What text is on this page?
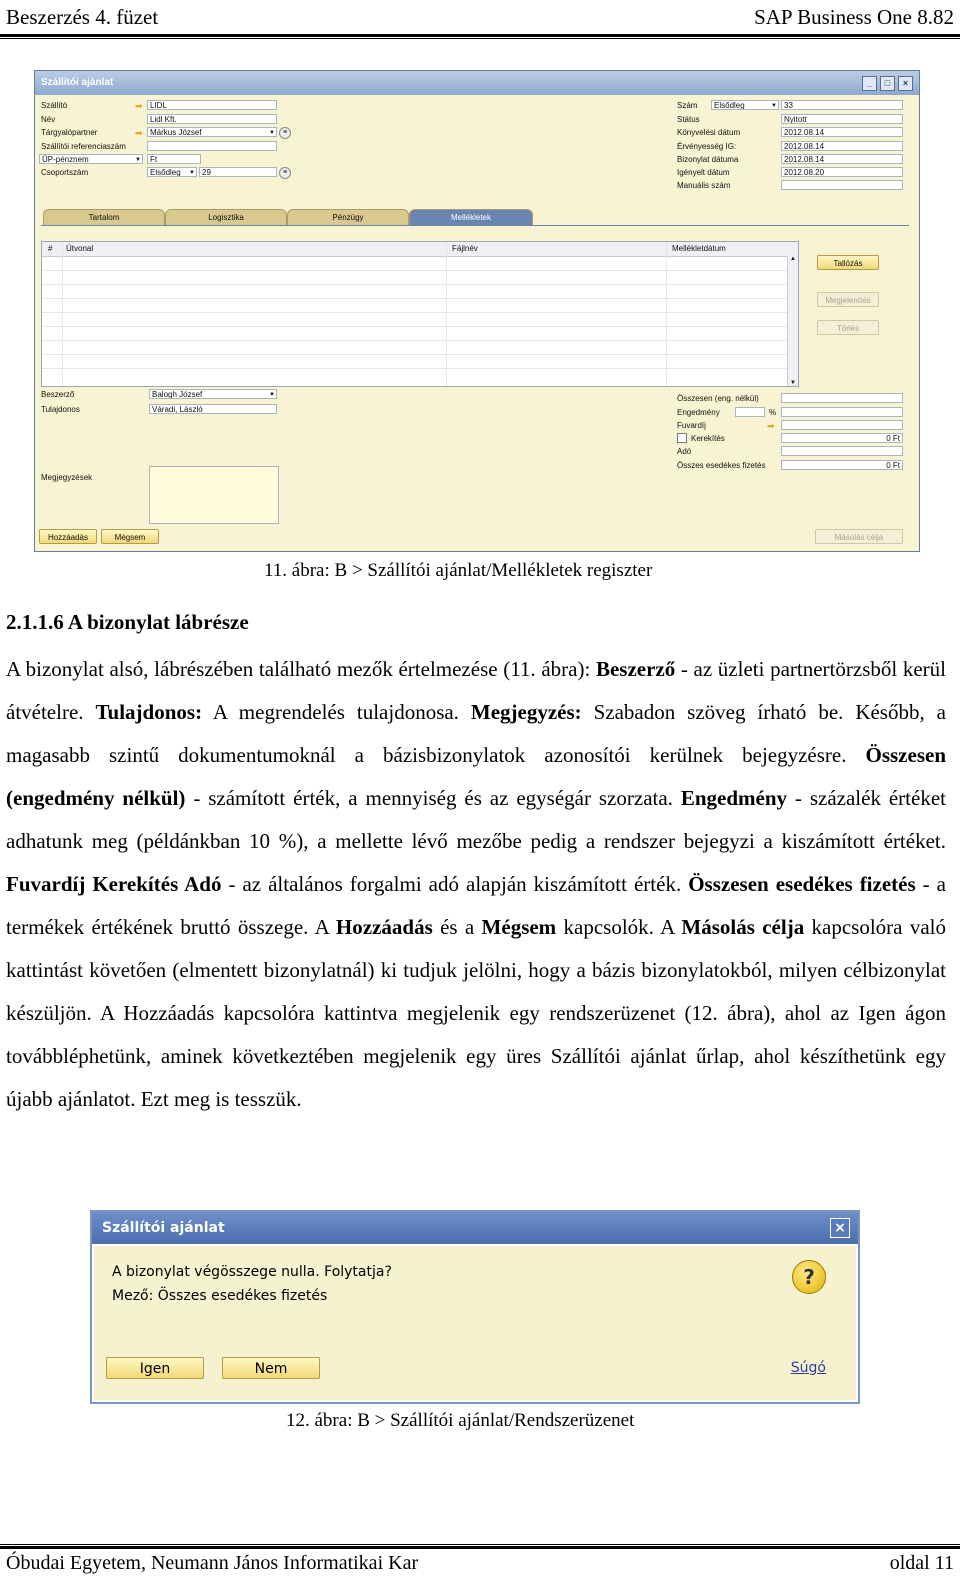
Beszerzés 4. füzet	SAP Business One 8.82
Szállítói ajánlat	_	□	×
Szállító	➡ LIDL
Név	Lidl Kft.
Tárgyalópartner	➡ Márkus József	▼	≡
Szállítói referenciaszám
ÜP-pénznem	▼	Ft
Csoportszám	Elsődleg ▼ 29	≡
Szám	Elsődleg	▼ 33
Státus	Nyitott
Könyvelési dátum	2012.08.14
Érvényesség IG:	2012.08.14
Bizonylat dátuma	2012.08.14
Igényelt dátum	2012.08.20
Manuális szám
Tartalom	Logisztika	Pénzügy	Mellékletek
# Útvonal	Fájlnév	Mellékletdátum
▲
▼
Tallózás
Megjelenítés
Törlés
Beszerző	Balogh József	▼
Tulajdonos	Váradi, László
Megjegyzések
Összesen (eng. nélkül)
Engedmény	%
Fuvardíj	➡
Kerekítés	0 Ft
Adó
Összes esedékes fizetés	0 Ft
Hozzáadás	Mégsem	Másolás célja
11. ábra: B > Szállítói ajánlat/Mellékletek regiszter
2.1.1.6 A bizonylat lábrésze
A bizonylat alsó, lábrészében található mezők értelmezése (11. ábra): Beszerző - az üzleti partnertörzsből kerül átvételre. Tulajdonos: A megrendelés tulajdonosa. Megjegyzés: Szabadon szöveg írható be. Később, a magasabb szintű dokumentumoknál a bázisbizonylatok azonosítói kerülnek bejegyzésre. Összesen (engedmény nélkül) - számított érték, a mennyiség és az egységár szorzata. Engedmény - százalék értéket adhatunk meg (példánkban 10 %), a mellette lévő mezőbe pedig a rendszer bejegyzi a kiszámított értéket. Fuvardíj Kerekítés Adó - az általános forgalmi adó alapján kiszámított érték. Összesen esedékes fizetés - a termékek értékének bruttó összege. A Hozzáadás és a Mégsem kapcsolók. A Másolás célja kapcsolóra való kattintást követően (elmentett bizonylatnál) ki tudjuk jelölni, hogy a bázis bizonylatokból, milyen célbizonylat készüljön. A Hozzáadás kapcsolóra kattintva megjelenik egy rendszerüzenet (12. ábra), ahol az Igen ágon továbbléphetünk, aminek következtében megjelenik egy üres Szállítói ajánlat űrlap, ahol készíthetünk egy újabb ajánlatot. Ezt meg is tesszük.
Szállítói ajánlat	×
A bizonylat végösszege nulla. Folytatja?
Mező: Összes esedékes fizetés
?
Igen	Nem	Súgó
12. ábra: B > Szállítói ajánlat/Rendszerüzenet
Óbudai Egyetem, Neumann János Informatikai Kar	oldal 11
